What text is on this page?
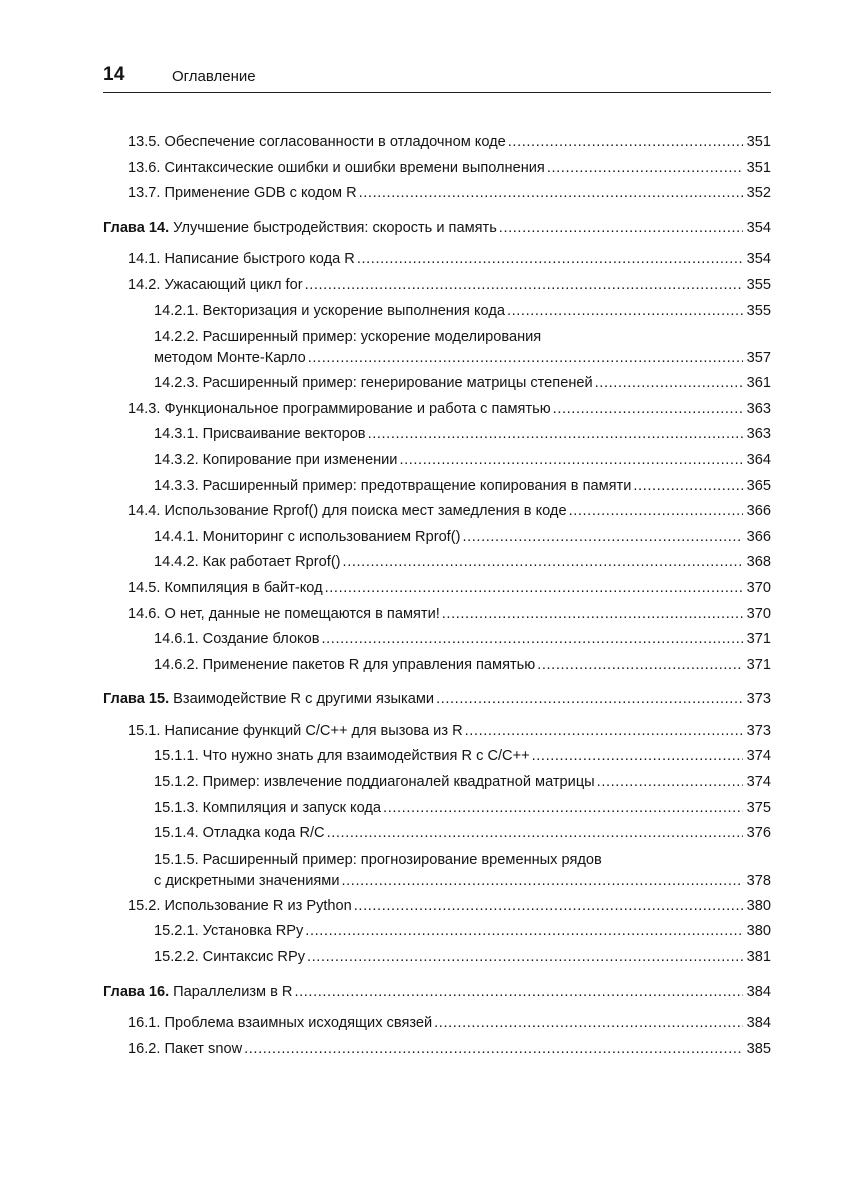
14	Оглавление
13.5. Обеспечение согласованности в отладочном коде .....	351
13.6. Синтаксические ошибки и ошибки времени выполнения .....	351
13.7. Применение GDB с кодом R .....	352
Глава 14. Улучшение быстродействия: скорость и память .....	354
14.1. Написание быстрого кода R .....	354
14.2. Ужасающий цикл for .....	355
14.2.1. Векторизация и ускорение выполнения кода .....	355
14.2.2. Расширенный пример: ускорение моделирования
методом Монте-Карло .....	357
14.2.3. Расширенный пример: генерирование матрицы степеней .....	361
14.3. Функциональное программирование и работа с памятью .....	363
14.3.1. Присваивание векторов .....	363
14.3.2. Копирование при изменении .....	364
14.3.3. Расширенный пример: предотвращение копирования в памяти .....	365
14.4. Использование Rprof() для поиска мест замедления в коде .....	366
14.4.1. Мониторинг с использованием Rprof() .....	366
14.4.2. Как работает Rprof() .....	368
14.5. Компиляция в байт-код .....	370
14.6. О нет, данные не помещаются в памяти! .....	370
14.6.1. Создание блоков .....	371
14.6.2. Применение пакетов R для управления памятью .....	371
Глава 15. Взаимодействие R с другими языками .....	373
15.1. Написание функций C/C++ для вызова из R .....	373
15.1.1. Что нужно знать для взаимодействия R с C/C++ .....	374
15.1.2. Пример: извлечение поддиагоналей квадратной матрицы .....	374
15.1.3. Компиляция и запуск кода .....	375
15.1.4. Отладка кода R/C .....	376
15.1.5. Расширенный пример: прогнозирование временных рядов
с дискретными значениями .....	378
15.2. Использование R из Python .....	380
15.2.1. Установка RPy .....	380
15.2.2. Синтаксис RPy .....	381
Глава 16. Параллелизм в R .....	384
16.1. Проблема взаимных исходящих связей .....	384
16.2. Пакет snow .....	385
